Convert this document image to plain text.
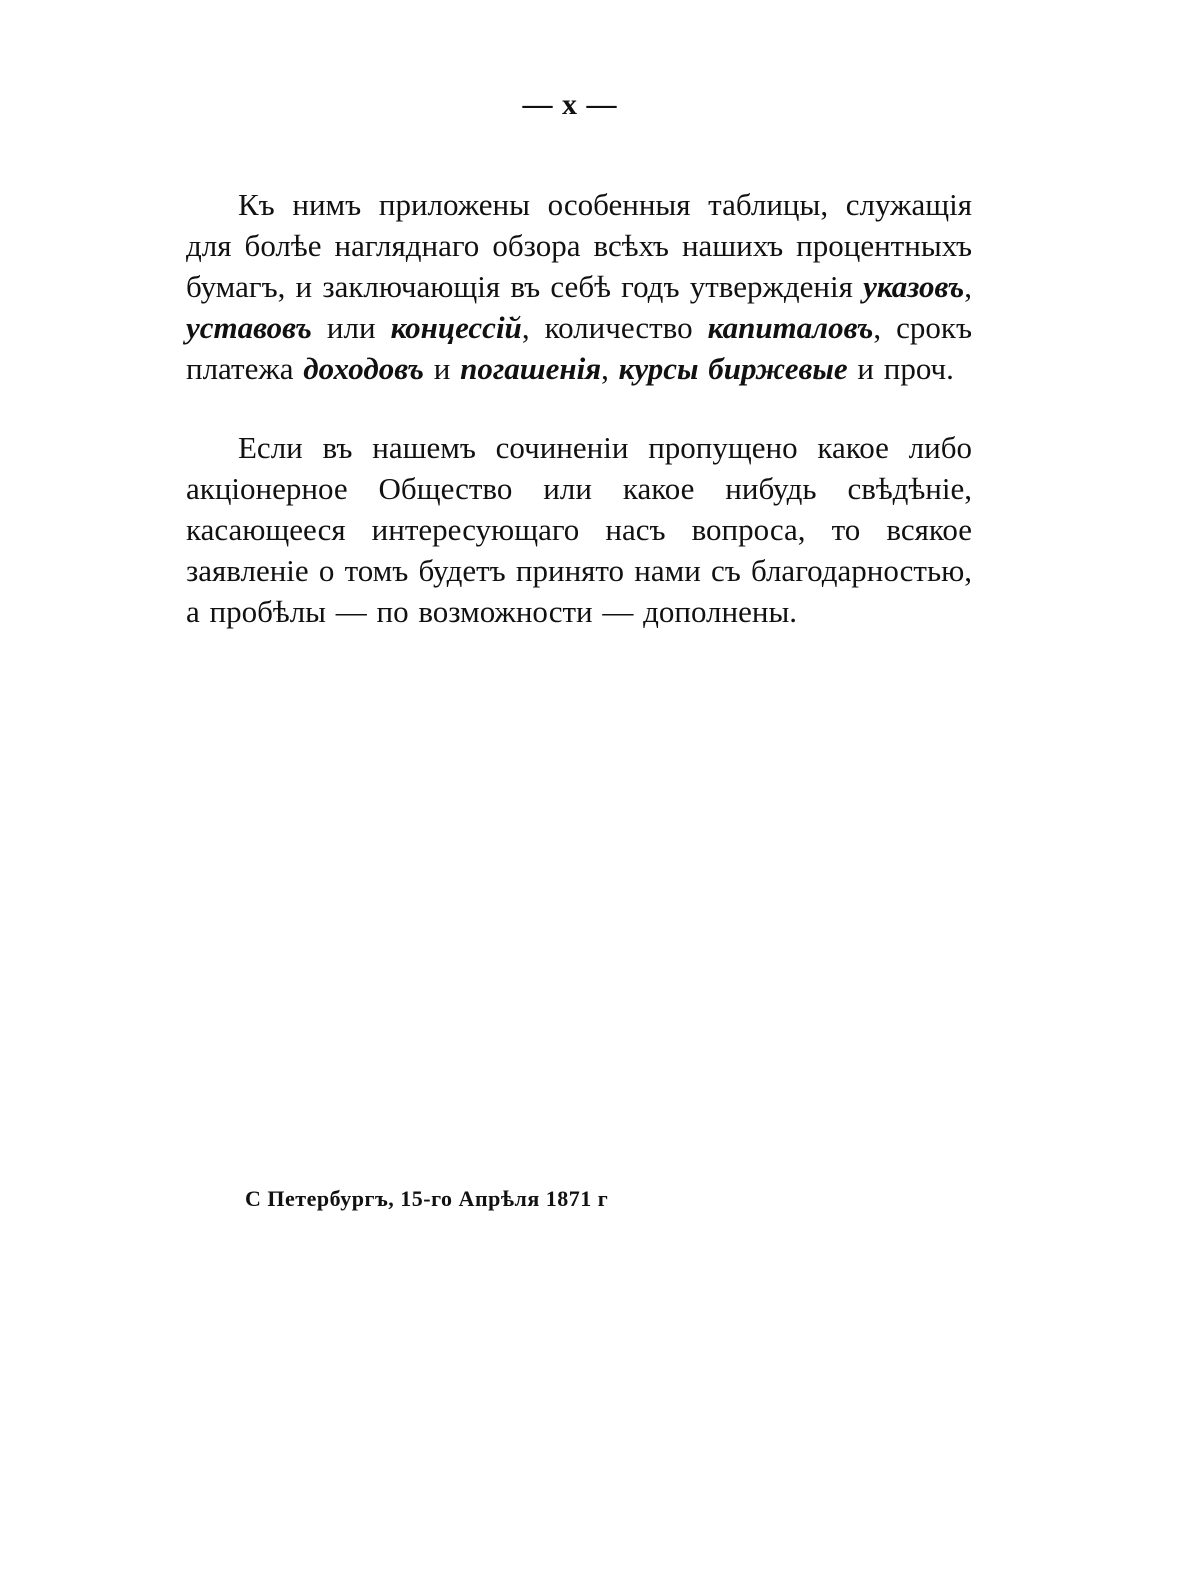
— x —

Къ нимъ приложены особенныя таблицы, служащія для болѣе нагляднаго обзора всѣхъ нашихъ процентныхъ бумагъ, и заключающія въ себѣ годъ утвержденія указовъ, уставовъ или концессій, количество капиталовъ, срокъ платежа доходовъ и погашенія, курсы биржевые и проч.

Если въ нашемъ сочиненіи пропущено какое либо акціонерное Общество или какое нибудь свѣдѣніе, касающееся интересующаго насъ вопроса, то всякое заявленіе о томъ будетъ принято нами съ благодарностью, а пробѣлы — по возможности — дополнены.

С Петербургъ, 15-го Апрѣля 1871 г
